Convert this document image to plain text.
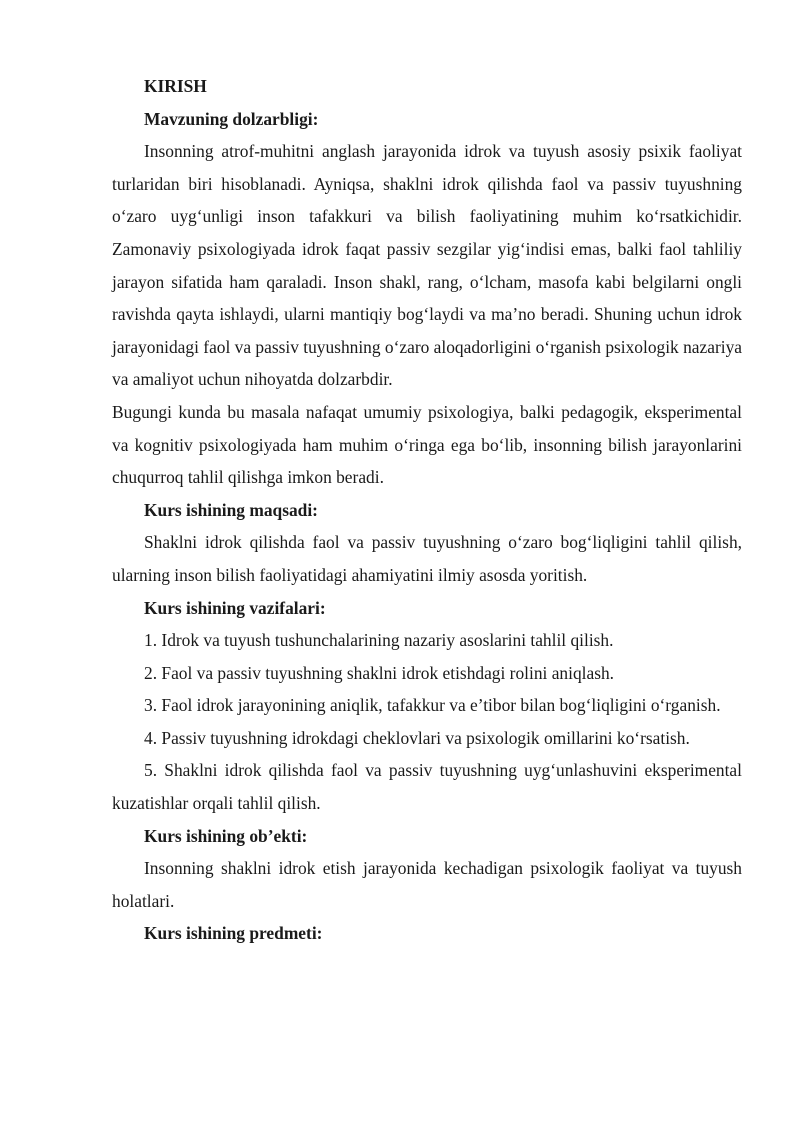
KIRISH

Mavzuning dolzarbligi:

Insonning atrof-muhitni anglash jarayonida idrok va tuyush asosiy psixik faoliyat turlaridan biri hisoblanadi. Ayniqsa, shaklni idrok qilishda faol va passiv tuyushning o‘zaro uyg‘unligi inson tafakkuri va bilish faoliyatining muhim ko‘rsatkichidir. Zamonaviy psixologiyada idrok faqat passiv sezgilar yig‘indisi emas, balki faol tahliliy jarayon sifatida ham qaraladi. Inson shakl, rang, o‘lcham, masofa kabi belgilarni ongli ravishda qayta ishlaydi, ularni mantiqiy bog‘laydi va ma’no beradi. Shuning uchun idrok jarayonidagi faol va passiv tuyushning o‘zaro aloqadorligini o‘rganish psixologik nazariya va amaliyot uchun nihoyatda dolzarbdir.

Bugungi kunda bu masala nafaqat umumiy psixologiya, balki pedagogik, eksperimental va kognitiv psixologiyada ham muhim o‘ringa ega bo‘lib, insonning bilish jarayonlarini chuqurroq tahlil qilishga imkon beradi.

Kurs ishining maqsadi:

Shaklni idrok qilishda faol va passiv tuyushning o‘zaro bog‘liqligini tahlil qilish, ularning inson bilish faoliyatidagi ahamiyatini ilmiy asosda yoritish.

Kurs ishining vazifalari:

1. Idrok va tuyush tushunchalarining nazariy asoslarini tahlil qilish.

2. Faol va passiv tuyushning shaklni idrok etishdagi rolini aniqlash.

3. Faol idrok jarayonining aniqlik, tafakkur va e’tibor bilan bog‘liqligini o‘rganish.

4. Passiv tuyushning idrokdagi cheklovlari va psixologik omillarini ko‘rsatish.

5. Shaklni idrok qilishda faol va passiv tuyushning uyg‘unlashuvini eksperimental kuzatishlar orqali tahlil qilish.

Kurs ishining ob’ekti:

Insonning shaklni idrok etish jarayonida kechadigan psixologik faoliyat va tuyush holatlari.

Kurs ishining predmeti:
